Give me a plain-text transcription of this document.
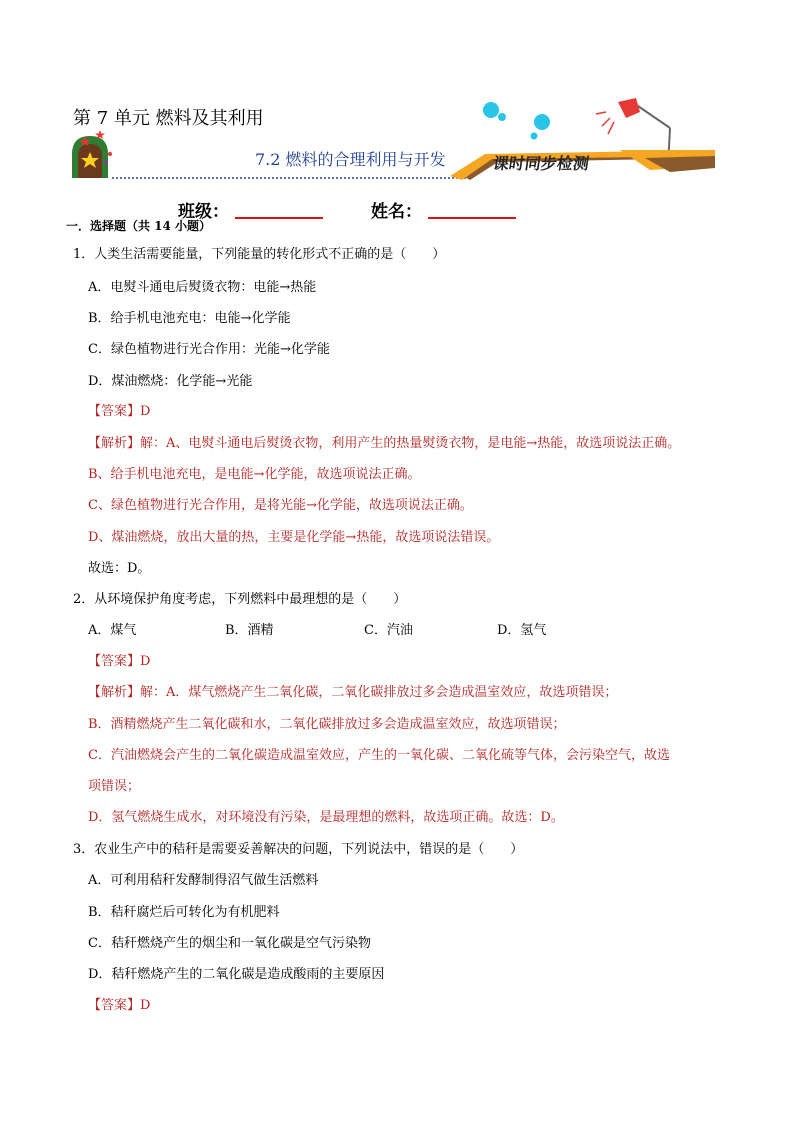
第 7 单元 燃料及其利用
7.2 燃料的合理利用与开发	课时同步检测
班级：	姓名：
一．选择题（共 14 小题）
1．人类生活需要能量，下列能量的转化形式不正确的是（　　）
A．电熨斗通电后熨烫衣物：电能→热能
B．给手机电池充电：电能→化学能
C．绿色植物进行光合作用：光能→化学能
D．煤油燃烧：化学能→光能
【答案】D
【解析】解：A、电熨斗通电后熨烫衣物，利用产生的热量熨烫衣物，是电能→热能，故选项说法正确。
B、给手机电池充电，是电能→化学能，故选项说法正确。
C、绿色植物进行光合作用，是将光能→化学能，故选项说法正确。
D、煤油燃烧，放出大量的热，主要是化学能→热能，故选项说法错误。
故选：D。
2．从环境保护角度考虑，下列燃料中最理想的是（　　）
A．煤气	B．酒精	C．汽油	D．氢气
【答案】D
【解析】解：A．煤气燃烧产生二氧化碳，二氧化碳排放过多会造成温室效应，故选项错误；
B．酒精燃烧产生二氧化碳和水，二氧化碳排放过多会造成温室效应，故选项错误；
C．汽油燃烧会产生的二氧化碳造成温室效应，产生的一氧化碳、二氧化硫等气体，会污染空气，故选
项错误；
D．氢气燃烧生成水，对环境没有污染，是最理想的燃料，故选项正确。故选：D。
3．农业生产中的秸秆是需要妥善解决的问题，下列说法中，错误的是（　　）
A．可利用秸秆发酵制得沼气做生活燃料
B．秸秆腐烂后可转化为有机肥料
C．秸秆燃烧产生的烟尘和一氧化碳是空气污染物
D．秸秆燃烧产生的二氧化碳是造成酸雨的主要原因
【答案】D
